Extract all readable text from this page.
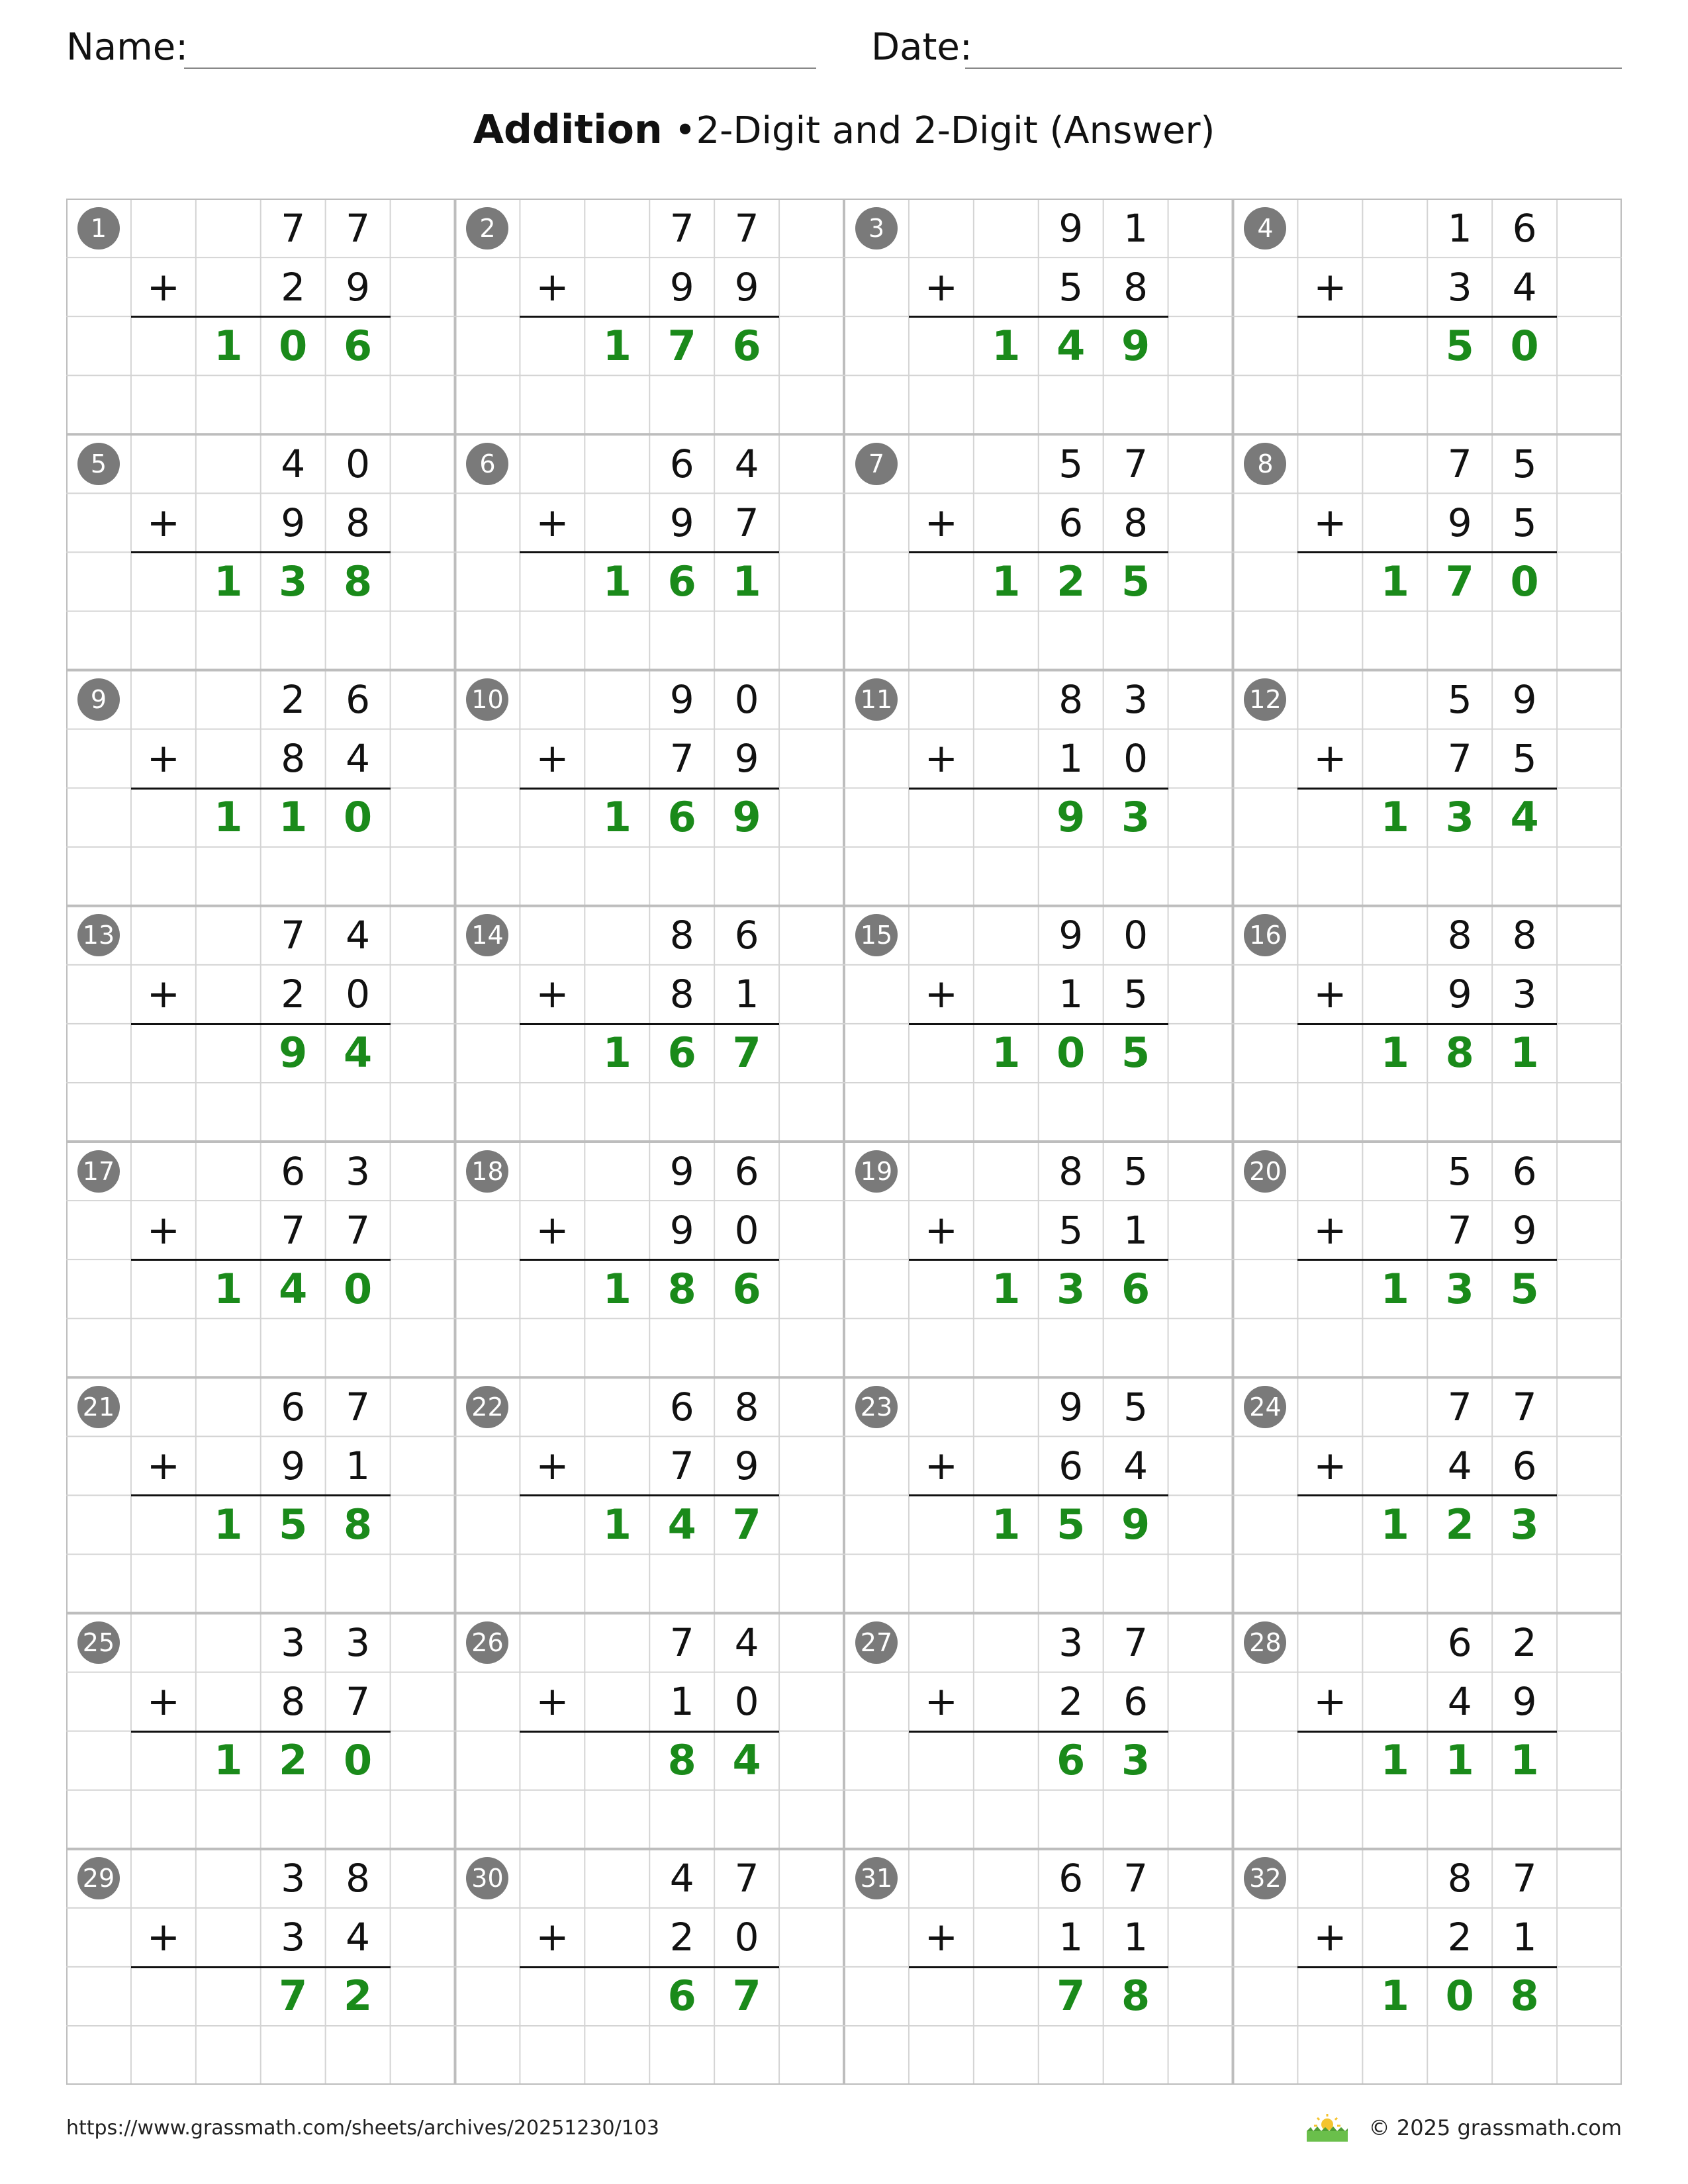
Name:	Date:
Addition •2-Digit and 2-Digit (Answer)
1	7	7
+	2	9
1 0 6
2	7	7
+	9	9
1 7 6
3	9	1
+	5	8
1 4 9
4	1	6
+	3	4
5 0
5	4	0
+	9	8
1 3 8
6	6	4
+	9	7
1 6 1
7	5	7
+	6	8
1 2 5
8	7	5
+	9	5
1 7 0
9	2	6
+	8	4
1 1 0
10	9	0
+	7	9
1 6 9
11	8	3
+	1	0
9 3
12	5	9
+	7	5
1 3 4
13	7	4
+	2	0
9 4
14	8	6
+	8	1
1 6 7
15	9	0
+	1	5
1 0 5
16	8	8
+	9	3
1 8 1
17	6	3
+	7	7
1 4 0
18	9	6
+	9	0
1 8 6
19	8	5
+	5	1
1 3 6
20	5	6
+	7	9
1 3 5
21	6	7
+	9	1
1 5 8
22	6	8
+	7	9
1 4 7
23	9	5
+	6	4
1 5 9
24	7	7
+	4	6
1 2 3
25	3	3
+	8	7
1 2 0
26	7	4
+	1	0
8 4
27	3	7
+	2	6
6 3
28	6	2
+	4	9
1 1 1
29	3	8
+	3	4
7 2
30	4	7
+	2	0
6 7
31	6	7
+	1	1
7 8
32	8	7
+	2	1
1 0 8
https://www.grassmath.com/sheets/archives/20251230/103	© 2025 grassmath.com
